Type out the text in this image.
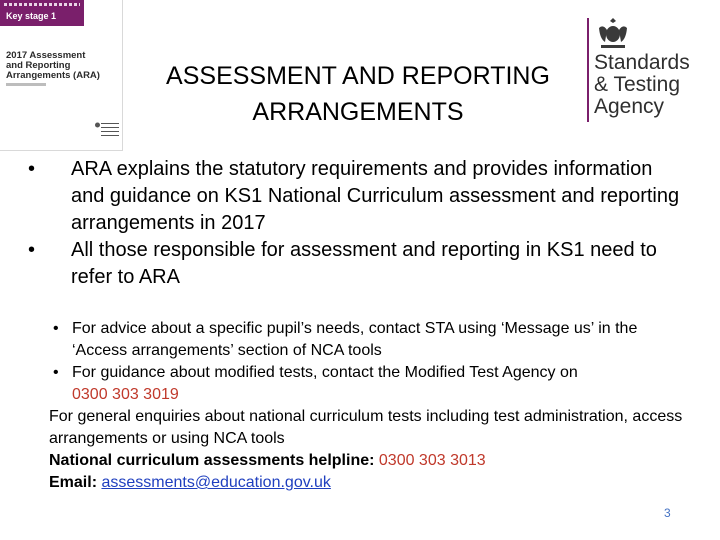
Key stage 1
2017 Assessment
and Reporting
Arrangements (ARA)	ASSESSMENT AND REPORTING
ARRANGEMENTS
Standards
& Testing
Agency
•	ARA explains the statutory requirements and provides information and guidance on KS1 National Curriculum assessment and reporting arrangements in 2017
•	All those responsible for assessment and reporting in KS1 need to refer to ARA
• For advice about a specific pupil’s needs, contact STA using ‘Message us’ in the ‘Access arrangements’ section of NCA tools
• For guidance about modified tests, contact the Modified Test Agency on
0300 303 3019
For general enquiries about national curriculum tests including test administration, access arrangements or using NCA tools
National curriculum assessments helpline: 0300 303 3013
Email: assessments@education.gov.uk
3
